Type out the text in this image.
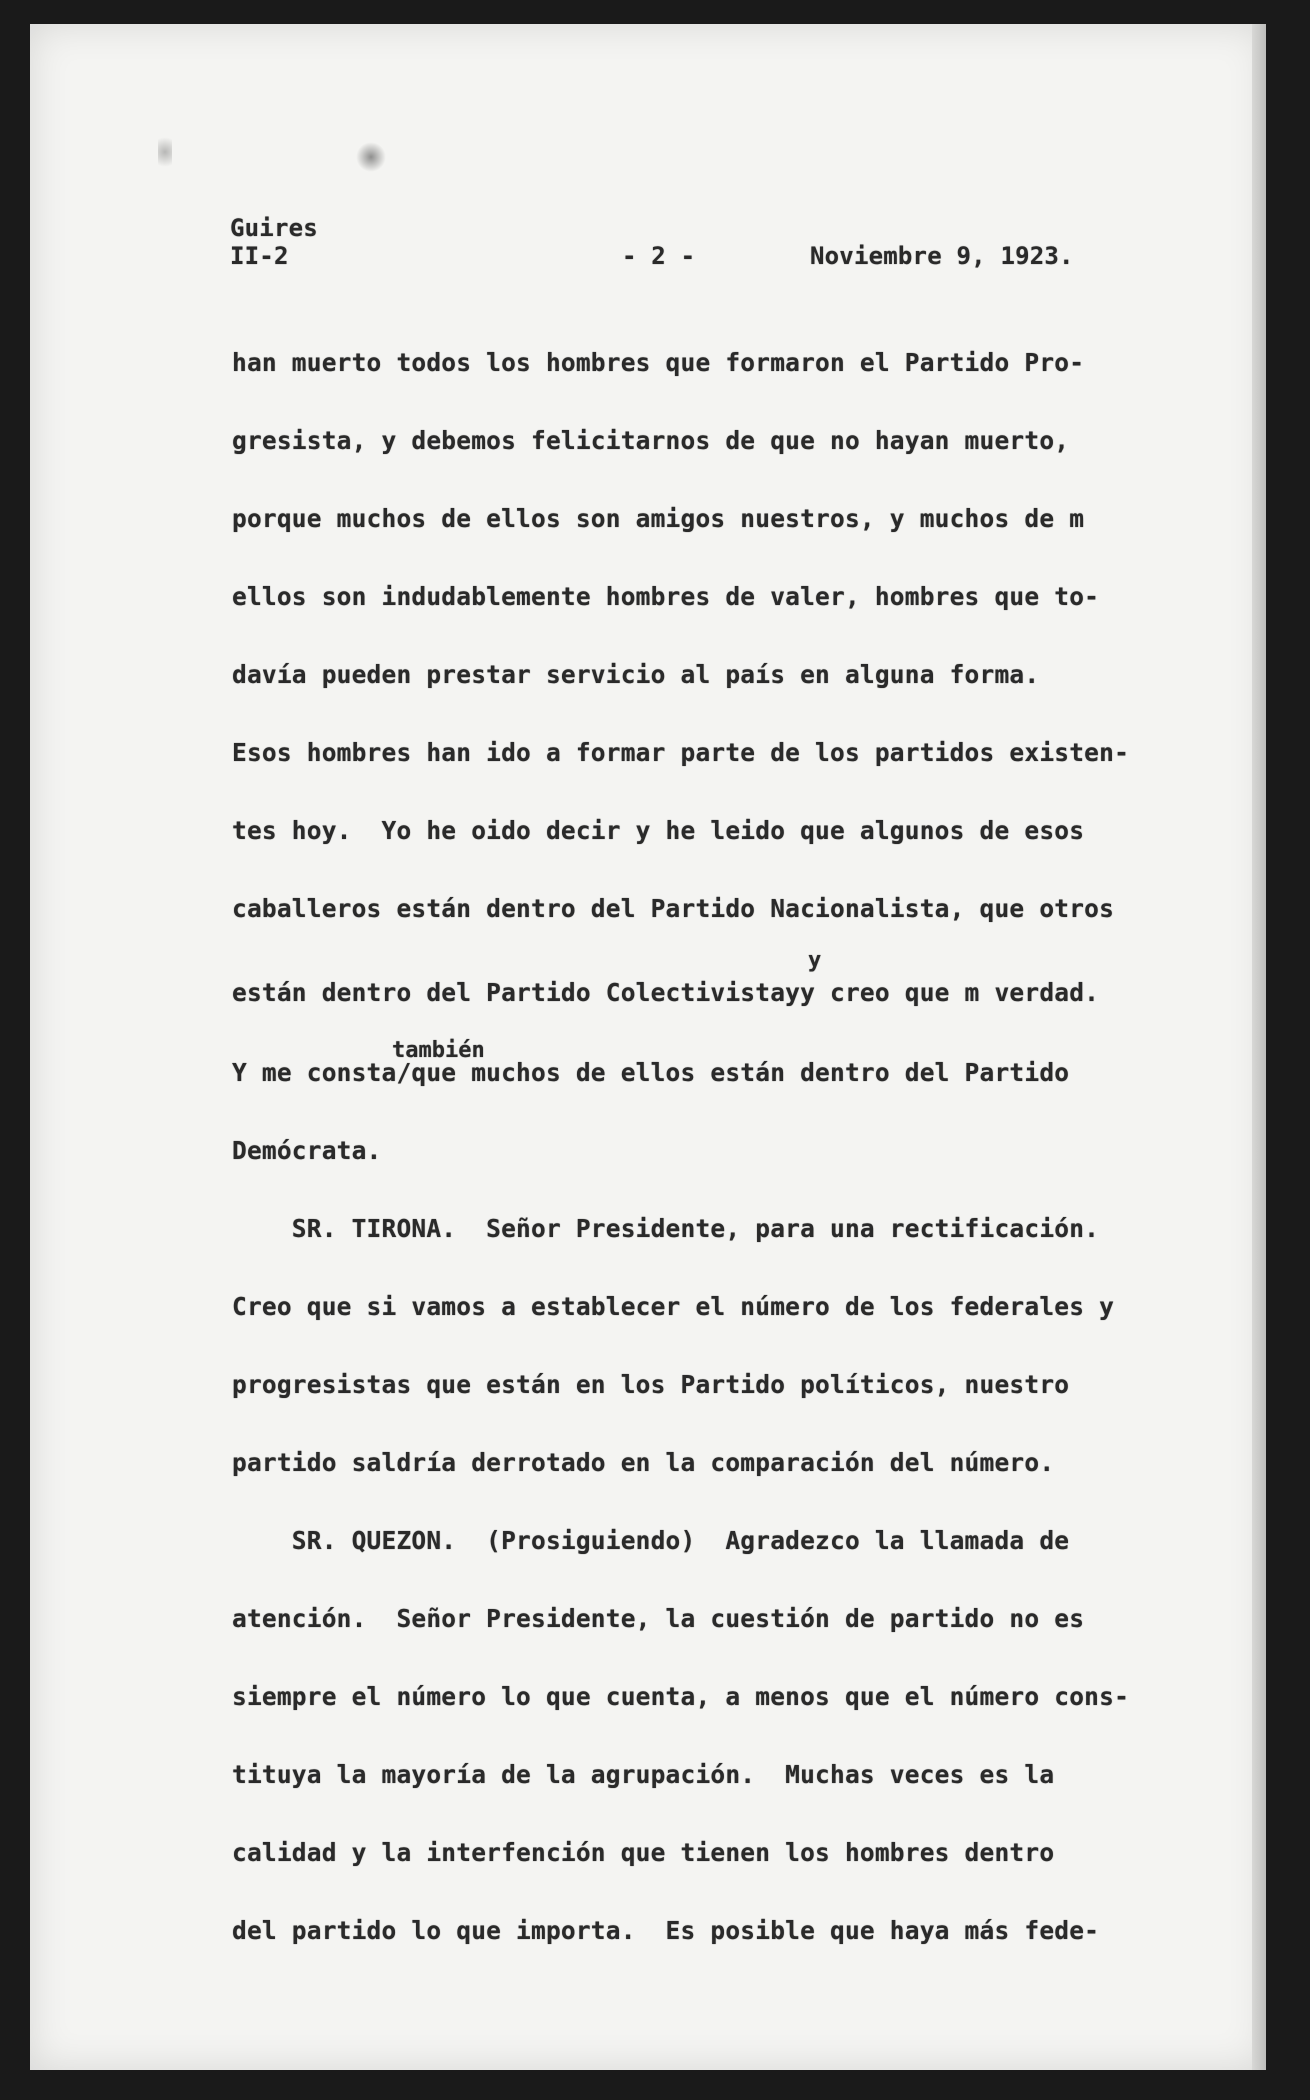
Guires

II-2	- 2 -	Noviembre 9, 1923.

han muerto todos los hombres que formaron el Partido Pro-

gresista, y debemos felicitarnos de que no hayan muerto,

porque muchos de ellos son amigos nuestros, y muchos de m

ellos son indudablemente hombres de valer, hombres que to-

davía pueden prestar servicio al país en alguna forma.

Esos hombres han ido a formar parte de los partidos existen-

tes hoy.  Yo he oido decir y he leido que algunos de esos

caballeros están dentro del Partido Nacionalista, que otros

están dentro del Partido Colectivistayy creo que m verdad.

Y me consta/que muchos de ellos están dentro del Partido

Demócrata.

SR. TIRONA.  Señor Presidente, para una rectificación.

Creo que si vamos a establecer el número de los federales y

progresistas que están en los Partido políticos, nuestro

partido saldría derrotado en la comparación del número.

SR. QUEZON.  (Prosiguiendo)  Agradezco la llamada de

atención.  Señor Presidente, la cuestión de partido no es

siempre el número lo que cuenta, a menos que el número cons-

tituya la mayoría de la agrupación.  Muchas veces es la

calidad y la interfención que tienen los hombres dentro

del partido lo que importa.  Es posible que haya más fede-

y
también
